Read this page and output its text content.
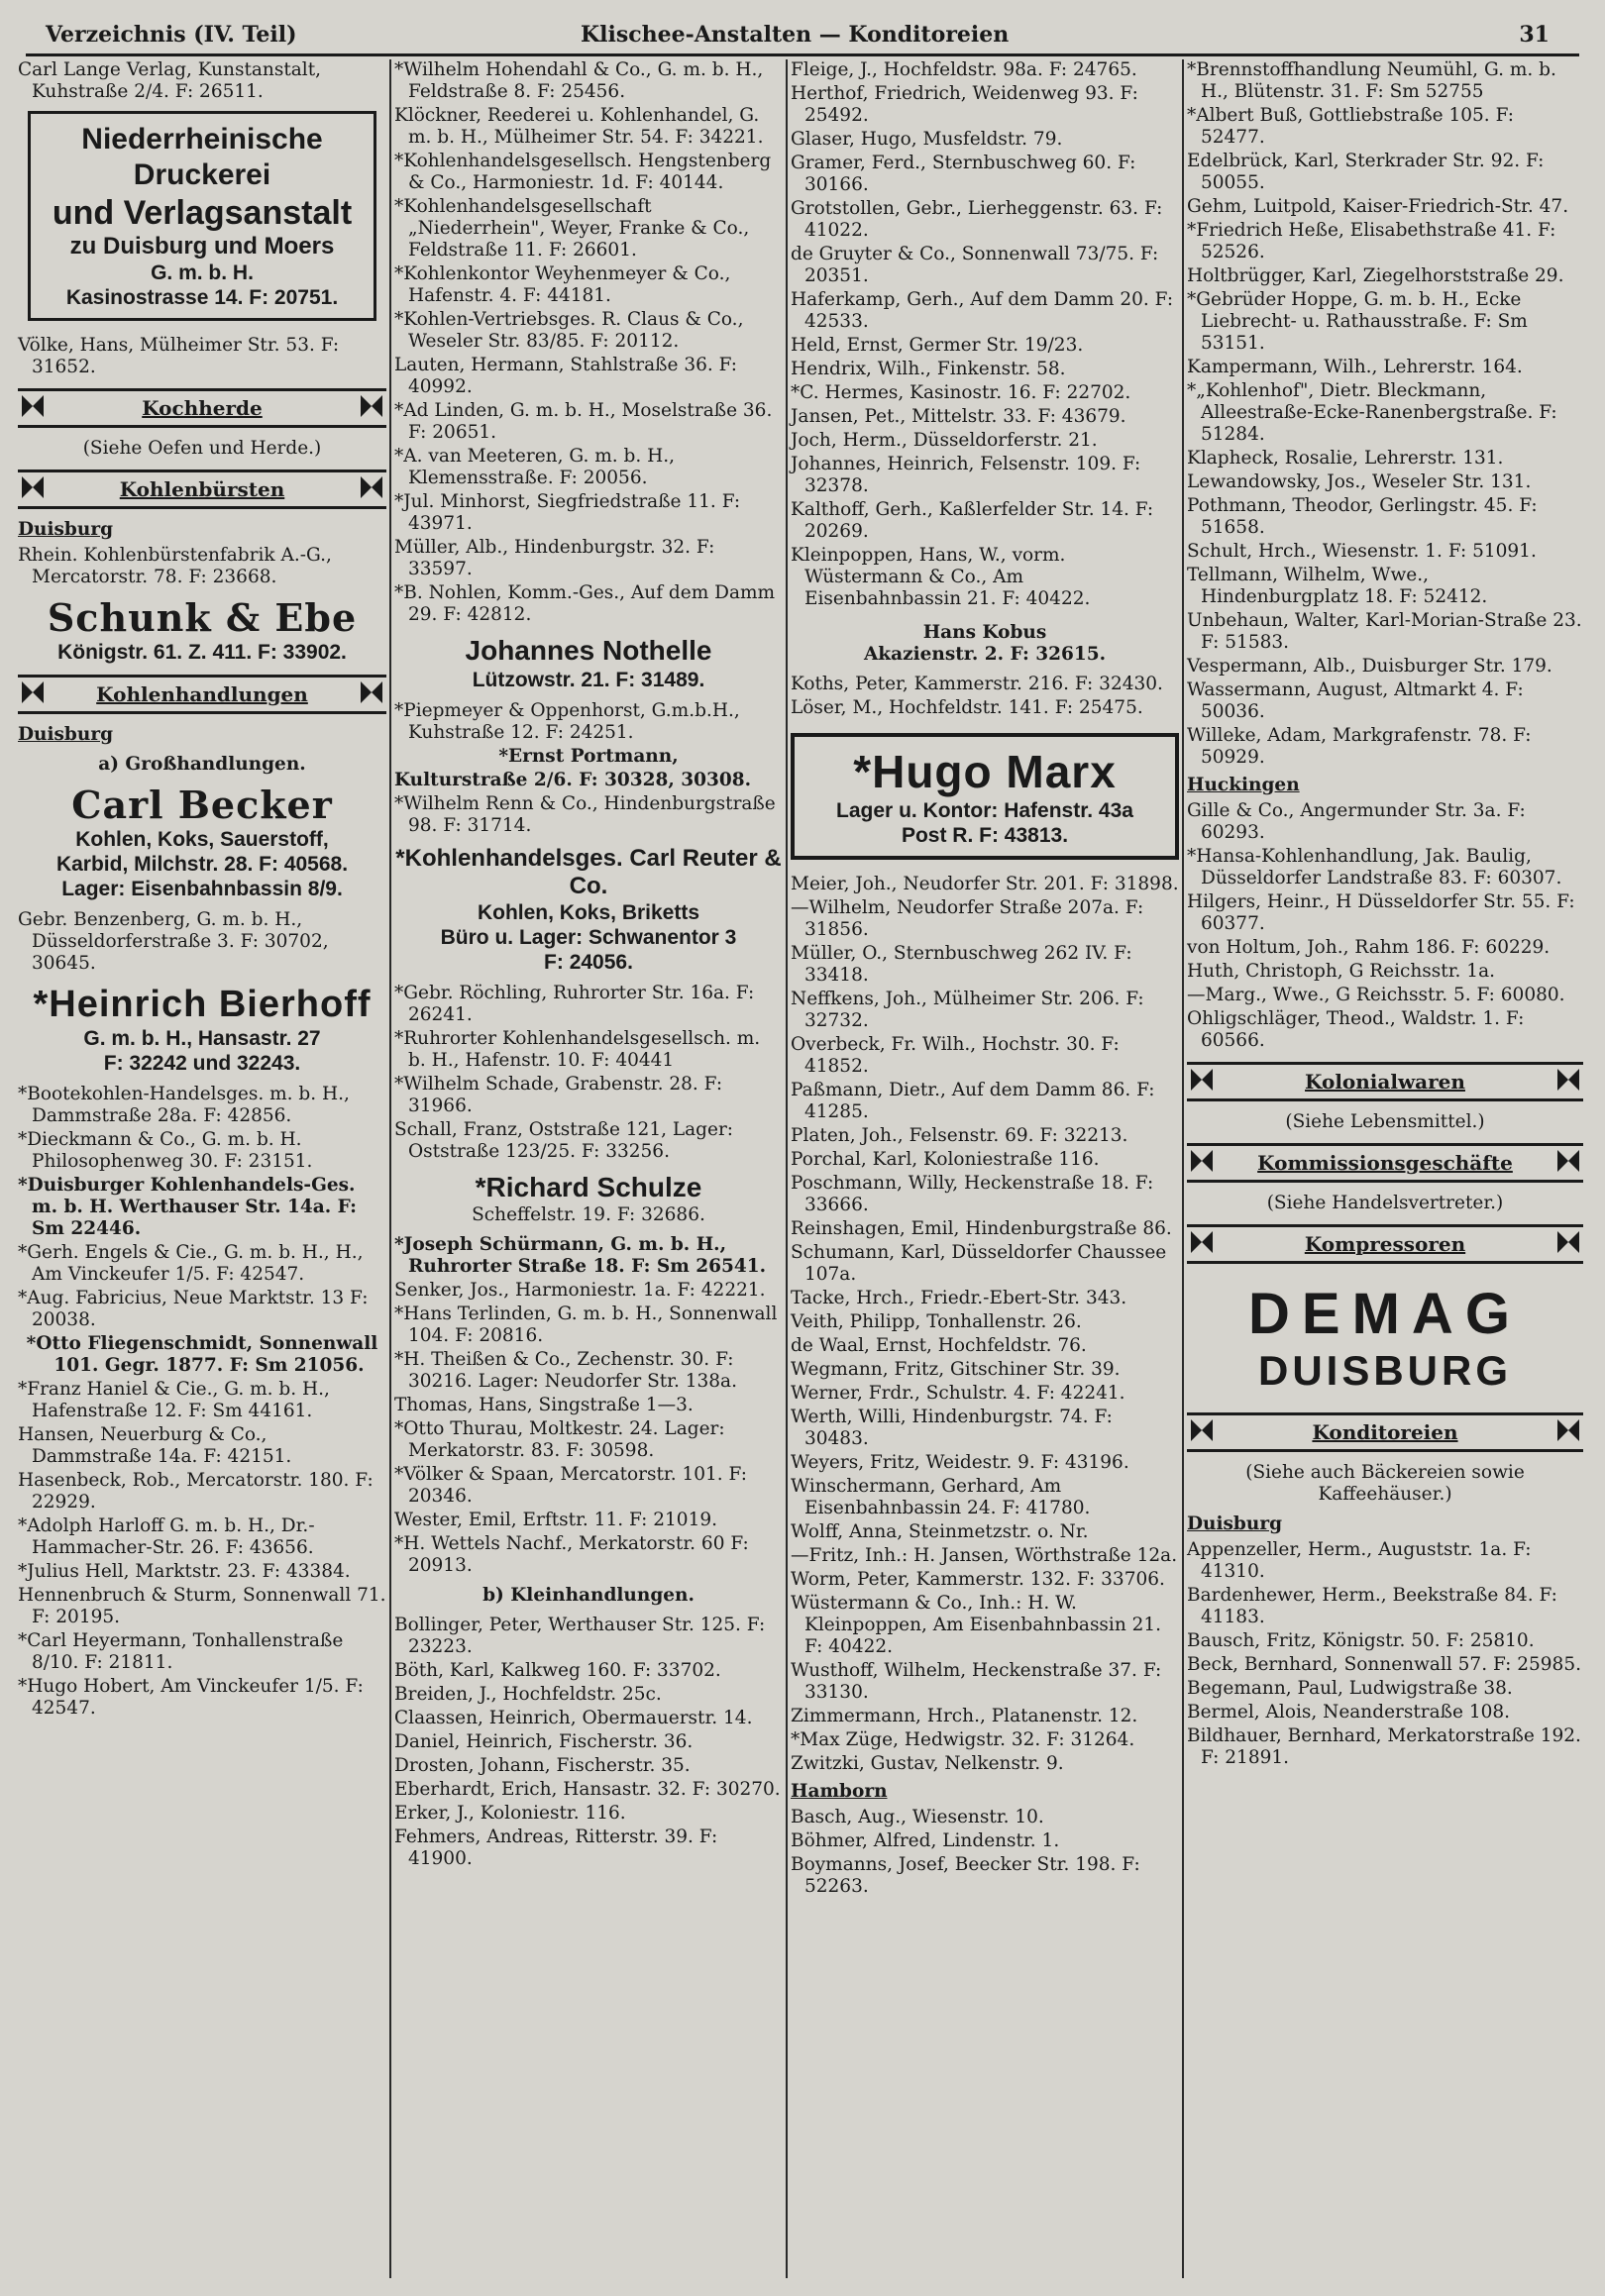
Verzeichnis (IV. Teil)	Klischee-Anstalten — Konditoreien	31
Carl Lange Verlag, Kunstanstalt, Kuhstraße 2/4. F: 26511.
Niederrheinische Druckerei
und Verlagsanstalt
zu Duisburg und Moers
G. m. b. H.
Kasinostrasse 14. F: 20751.
Völke, Hans, Mülheimer Str. 53. F: 31652.
Kochherde
(Siehe Oefen und Herde.)
Kohlenbürsten
Duisburg
Rhein. Kohlenbürstenfabrik A.-G., Mercatorstr. 78. F: 23668.
Schunk & Ebe
Königstr. 61. Z. 411. F: 33902.
Kohlenhandlungen
Duisburg
a) Großhandlungen.
Carl Becker
Kohlen, Koks, Sauerstoff,
Karbid, Milchstr. 28. F: 40568.
Lager: Eisenbahnbassin 8/9.
Gebr. Benzenberg, G. m. b. H., Düsseldorferstraße 3. F: 30702, 30645.
*Heinrich Bierhoff
G. m. b. H., Hansastr. 27
F: 32242 und 32243.
*Bootekohlen-Handelsges. m. b. H., Dammstraße 28a. F: 42856.
*Dieckmann & Co., G. m. b. H. Philosophenweg 30. F: 23151.
*Duisburger Kohlenhandels-Ges. m. b. H. Werthauser Str. 14a. F: Sm 22446.
*Gerh. Engels & Cie., G. m. b. H., H., Am Vinckeufer 1/5. F: 42547.
*Aug. Fabricius, Neue Marktstr. 13 F: 20038.
*Otto Fliegenschmidt, Sonnenwall 101. Gegr. 1877. F: Sm 21056.
*Franz Haniel & Cie., G. m. b. H., Hafenstraße 12. F: Sm 44161.
Hansen, Neuerburg & Co., Dammstraße 14a. F: 42151.
Hasenbeck, Rob., Mercatorstr. 180. F: 22929.
*Adolph Harloff G. m. b. H., Dr.-Hammacher-Str. 26. F: 43656.
*Julius Hell, Marktstr. 23. F: 43384.
Hennenbruch & Sturm, Sonnenwall 71. F: 20195.
*Carl Heyermann, Tonhallenstraße 8/10. F: 21811.
*Hugo Hobert, Am Vinckeufer 1/5. F: 42547.
*Wilhelm Hohendahl & Co., G. m. b. H., Feldstraße 8. F: 25456.
Klöckner, Reederei u. Kohlenhandel, G. m. b. H., Mülheimer Str. 54. F: 34221.
*Kohlenhandelsgesellsch. Hengstenberg & Co., Harmoniestr. 1d. F: 40144.
*Kohlenhandelsgesellschaft „Niederrhein", Weyer, Franke & Co., Feldstraße 11. F: 26601.
*Kohlenkontor Weyhenmeyer & Co., Hafenstr. 4. F: 44181.
*Kohlen-Vertriebsges. R. Claus & Co., Weseler Str. 83/85. F: 20112.
Lauten, Hermann, Stahlstraße 36. F: 40992.
*Ad Linden, G. m. b. H., Moselstraße 36. F: 20651.
*A. van Meeteren, G. m. b. H., Klemensstraße. F: 20056.
*Jul. Minhorst, Siegfriedstraße 11. F: 43971.
Müller, Alb., Hindenburgstr. 32. F: 33597.
*B. Nohlen, Komm.-Ges., Auf dem Damm 29. F: 42812.
Johannes Nothelle
Lützowstr. 21. F: 31489.
*Piepmeyer & Oppenhorst, G.m.b.H., Kuhstraße 12. F: 24251.
*Ernst Portmann,
Kulturstraße 2/6. F: 30328, 30308.
*Wilhelm Renn & Co., Hindenburgstraße 98. F: 31714.
*Kohlenhandelsges. Carl Reuter & Co.
Kohlen, Koks, Briketts
Büro u. Lager: Schwanentor 3
F: 24056.
*Gebr. Röchling, Ruhrorter Str. 16a. F: 26241.
*Ruhrorter Kohlenhandelsgesellsch. m. b. H., Hafenstr. 10. F: 40441
*Wilhelm Schade, Grabenstr. 28. F: 31966.
Schall, Franz, Oststraße 121, Lager: Oststraße 123/25. F: 33256.
*Richard Schulze
Scheffelstr. 19. F: 32686.
*Joseph Schürmann, G. m. b. H., Ruhrorter Straße 18. F: Sm 26541.
Senker, Jos., Harmoniestr. 1a. F: 42221.
*Hans Terlinden, G. m. b. H., Sonnenwall 104. F: 20816.
*H. Theißen & Co., Zechenstr. 30. F: 30216. Lager: Neudorfer Str. 138a.
Thomas, Hans, Singstraße 1—3.
*Otto Thurau, Moltkestr. 24. Lager: Merkatorstr. 83. F: 30598.
*Völker & Spaan, Mercatorstr. 101. F: 20346.
Wester, Emil, Erftstr. 11. F: 21019.
*H. Wettels Nachf., Merkatorstr. 60 F: 20913.
b) Kleinhandlungen.
Bollinger, Peter, Werthauser Str. 125. F: 23223.
Böth, Karl, Kalkweg 160. F: 33702.
Breiden, J., Hochfeldstr. 25c.
Claassen, Heinrich, Obermauerstr. 14.
Daniel, Heinrich, Fischerstr. 36.
Drosten, Johann, Fischerstr. 35.
Eberhardt, Erich, Hansastr. 32. F: 30270.
Erker, J., Koloniestr. 116.
Fehmers, Andreas, Ritterstr. 39. F: 41900.
Fleige, J., Hochfeldstr. 98a. F: 24765.
Herthof, Friedrich, Weidenweg 93. F: 25492.
Glaser, Hugo, Musfeldstr. 79.
Gramer, Ferd., Sternbuschweg 60. F: 30166.
Grotstollen, Gebr., Lierheggenstr. 63. F: 41022.
de Gruyter & Co., Sonnenwall 73/75. F: 20351.
Haferkamp, Gerh., Auf dem Damm 20. F: 42533.
Held, Ernst, Germer Str. 19/23.
Hendrix, Wilh., Finkenstr. 58.
*C. Hermes, Kasinostr. 16. F: 22702.
Jansen, Pet., Mittelstr. 33. F: 43679.
Joch, Herm., Düsseldorferstr. 21.
Johannes, Heinrich, Felsenstr. 109. F: 32378.
Kalthoff, Gerh., Kaßlerfelder Str. 14. F: 20269.
Kleinpoppen, Hans, W., vorm. Wüstermann & Co., Am Eisenbahnbassin 21. F: 40422.
Hans Kobus
Akazienstr. 2. F: 32615.
Koths, Peter, Kammerstr. 216. F: 32430.
Löser, M., Hochfeldstr. 141. F: 25475.
*Hugo Marx
Lager u. Kontor: Hafenstr. 43a
Post R. F: 43813.
Meier, Joh., Neudorfer Str. 201. F: 31898.
—Wilhelm, Neudorfer Straße 207a. F: 31856.
Müller, O., Sternbuschweg 262 IV. F: 33418.
Neffkens, Joh., Mülheimer Str. 206. F: 32732.
Overbeck, Fr. Wilh., Hochstr. 30. F: 41852.
Paßmann, Dietr., Auf dem Damm 86. F: 41285.
Platen, Joh., Felsenstr. 69. F: 32213.
Porchal, Karl, Koloniestraße 116.
Poschmann, Willy, Heckenstraße 18. F: 33666.
Reinshagen, Emil, Hindenburgstraße 86.
Schumann, Karl, Düsseldorfer Chaussee 107a.
Tacke, Hrch., Friedr.-Ebert-Str. 343.
Veith, Philipp, Tonhallenstr. 26.
de Waal, Ernst, Hochfeldstr. 76.
Wegmann, Fritz, Gitschiner Str. 39.
Werner, Frdr., Schulstr. 4. F: 42241.
Werth, Willi, Hindenburgstr. 74. F: 30483.
Weyers, Fritz, Weidestr. 9. F: 43196.
Winschermann, Gerhard, Am Eisenbahnbassin 24. F: 41780.
Wolff, Anna, Steinmetzstr. o. Nr.
—Fritz, Inh.: H. Jansen, Wörthstraße 12a.
Worm, Peter, Kammerstr. 132. F: 33706.
Wüstermann & Co., Inh.: H. W. Kleinpoppen, Am Eisenbahnbassin 21. F: 40422.
Wusthoff, Wilhelm, Heckenstraße 37. F: 33130.
Zimmermann, Hrch., Platanenstr. 12.
*Max Züge, Hedwigstr. 32. F: 31264.
Zwitzki, Gustav, Nelkenstr. 9.
Hamborn
Basch, Aug., Wiesenstr. 10.
Böhmer, Alfred, Lindenstr. 1.
Boymanns, Josef, Beecker Str. 198. F: 52263.
*Brennstoffhandlung Neumühl, G. m. b. H., Blütenstr. 31. F: Sm 52755
*Albert Buß, Gottliebstraße 105. F: 52477.
Edelbrück, Karl, Sterkrader Str. 92. F: 50055.
Gehm, Luitpold, Kaiser-Friedrich-Str. 47.
*Friedrich Heße, Elisabethstraße 41. F: 52526.
Holtbrügger, Karl, Ziegelhorststraße 29.
*Gebrüder Hoppe, G. m. b. H., Ecke Liebrecht- u. Rathausstraße. F: Sm 53151.
Kampermann, Wilh., Lehrerstr. 164.
*„Kohlenhof", Dietr. Bleckmann, Alleestraße-Ecke-Ranenbergstraße. F: 51284.
Klapheck, Rosalie, Lehrerstr. 131.
Lewandowsky, Jos., Weseler Str. 131.
Pothmann, Theodor, Gerlingstr. 45. F: 51658.
Schult, Hrch., Wiesenstr. 1. F: 51091.
Tellmann, Wilhelm, Wwe., Hindenburgplatz 18. F: 52412.
Unbehaun, Walter, Karl-Morian-Straße 23. F: 51583.
Vespermann, Alb., Duisburger Str. 179.
Wassermann, August, Altmarkt 4. F: 50036.
Willeke, Adam, Markgrafenstr. 78. F: 50929.
Huckingen
Gille & Co., Angermunder Str. 3a. F: 60293.
*Hansa-Kohlenhandlung, Jak. Baulig, Düsseldorfer Landstraße 83. F: 60307.
Hilgers, Heinr., H Düsseldorfer Str. 55. F: 60377.
von Holtum, Joh., Rahm 186. F: 60229.
Huth, Christoph, G Reichsstr. 1a.
—Marg., Wwe., G Reichsstr. 5. F: 60080.
Ohligschläger, Theod., Waldstr. 1. F: 60566.
Kolonialwaren
(Siehe Lebensmittel.)
Kommissionsgeschäfte
(Siehe Handelsvertreter.)
Kompressoren
DEMAG
DUISBURG
Konditoreien
(Siehe auch Bäckereien sowie Kaffeehäuser.)
Duisburg
Appenzeller, Herm., Auguststr. 1a. F: 41310.
Bardenhewer, Herm., Beekstraße 84. F: 41183.
Bausch, Fritz, Königstr. 50. F: 25810.
Beck, Bernhard, Sonnenwall 57. F: 25985.
Begemann, Paul, Ludwigstraße 38.
Bermel, Alois, Neanderstraße 108.
Bildhauer, Bernhard, Merkatorstraße 192. F: 21891.
